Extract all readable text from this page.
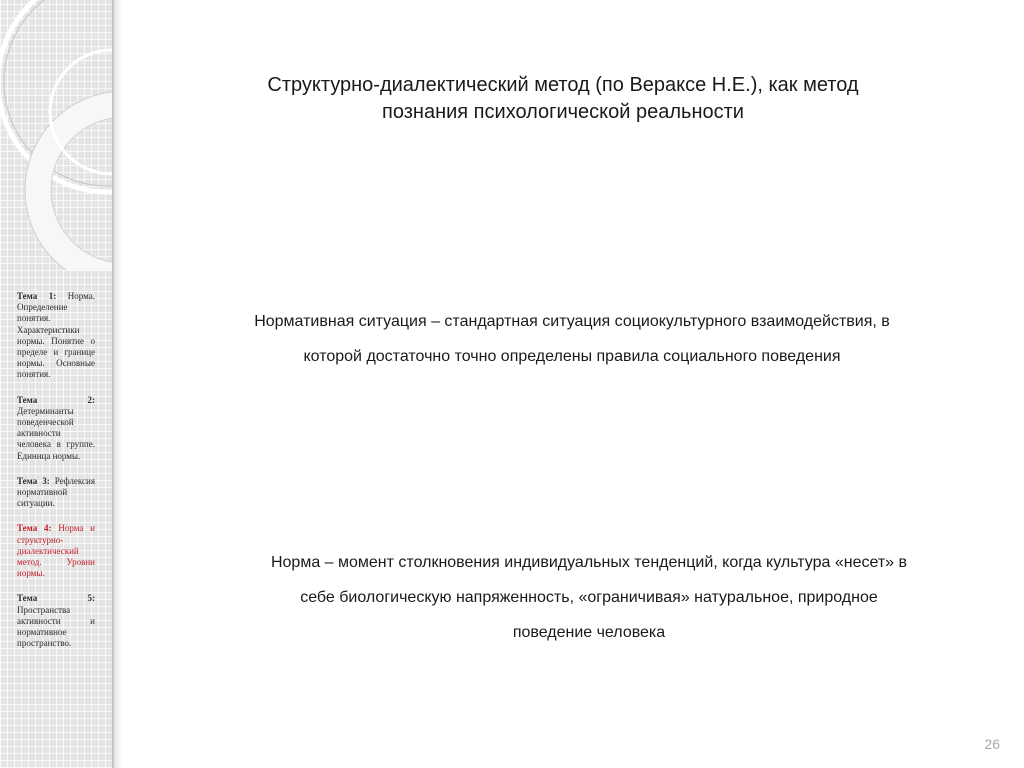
Тема 1: Норма. Определение понятия. Характеристики нормы. Понятие о пределе и границе нормы. Основные понятия.

Тема 2: Детерминанты поведенческой активности человека в группе. Единица нормы.

Тема 3: Рефлексия нормативной ситуации.

Тема 4: Норма и структурно-диалектический метод. Уровни нормы.

Тема 5: Пространства активности и нормативное пространство.

Структурно-диалектический метод (по Вераксе Н.Е.), как метод познания психологической реальности
Нормативная ситуация – стандартная ситуация социокультурного взаимодействия, в которой достаточно точно определены правила социального поведения
Норма – момент столкновения индивидуальных тенденций, когда культура «несет» в себе биологическую напряженность, «ограничивая» натуральное, природное поведение человека
26
